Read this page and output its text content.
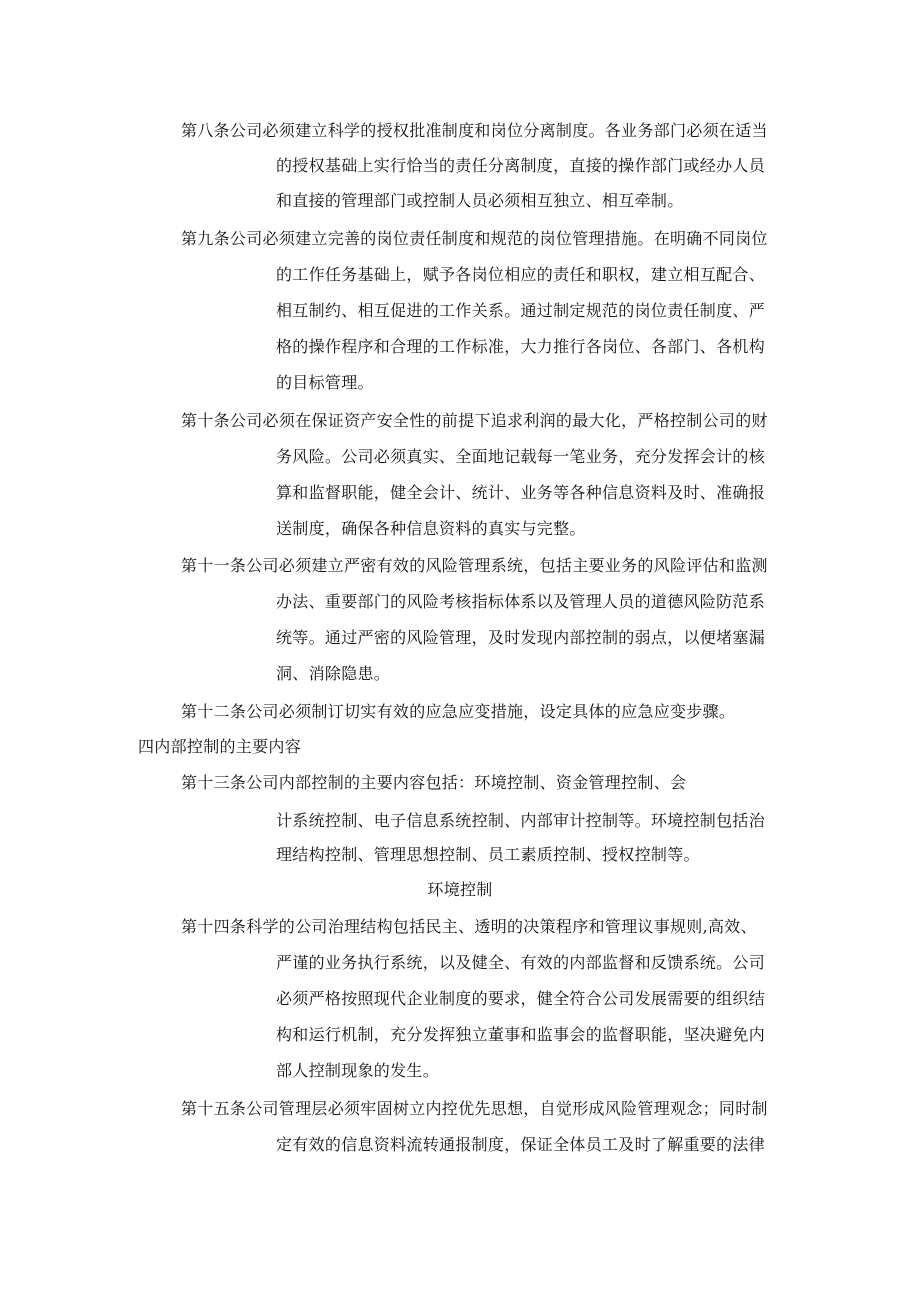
第八条公司必须建立科学的授权批准制度和岗位分离制度。各业务部门必须在适当
的授权基础上实行恰当的责任分离制度，直接的操作部门或经办人员
和直接的管理部门或控制人员必须相互独立、相互牵制。
第九条公司必须建立完善的岗位责任制度和规范的岗位管理措施。在明确不同岗位
的工作任务基础上，赋予各岗位相应的责任和职权，建立相互配合、
相互制约、相互促进的工作关系。通过制定规范的岗位责任制度、严
格的操作程序和合理的工作标准，大力推行各岗位、各部门、各机构
的目标管理。
第十条公司必须在保证资产安全性的前提下追求利润的最大化，严格控制公司的财
务风险。公司必须真实、全面地记载每一笔业务，充分发挥会计的核
算和监督职能，健全会计、统计、业务等各种信息资料及时、准确报
送制度，确保各种信息资料的真实与完整。
第十一条公司必须建立严密有效的风险管理系统，包括主要业务的风险评估和监测
办法、重要部门的风险考核指标体系以及管理人员的道德风险防范系
统等。通过严密的风险管理，及时发现内部控制的弱点，以便堵塞漏
洞、消除隐患。
第十二条公司必须制订切实有效的应急应变措施，设定具体的应急应变步骤。
四内部控制的主要内容
第十三条公司内部控制的主要内容包括：环境控制、资金管理控制、会
计系统控制、电子信息系统控制、内部审计控制等。环境控制包括治
理结构控制、管理思想控制、员工素质控制、授权控制等。
环境控制
第十四条科学的公司治理结构包括民主、透明的决策程序和管理议事规则,高效、
严谨的业务执行系统，以及健全、有效的内部监督和反馈系统。公司
必须严格按照现代企业制度的要求，健全符合公司发展需要的组织结
构和运行机制，充分发挥独立董事和监事会的监督职能，坚决避免内
部人控制现象的发生。
第十五条公司管理层必须牢固树立内控优先思想，自觉形成风险管理观念；同时制
定有效的信息资料流转通报制度，保证全体员工及时了解重要的法律
